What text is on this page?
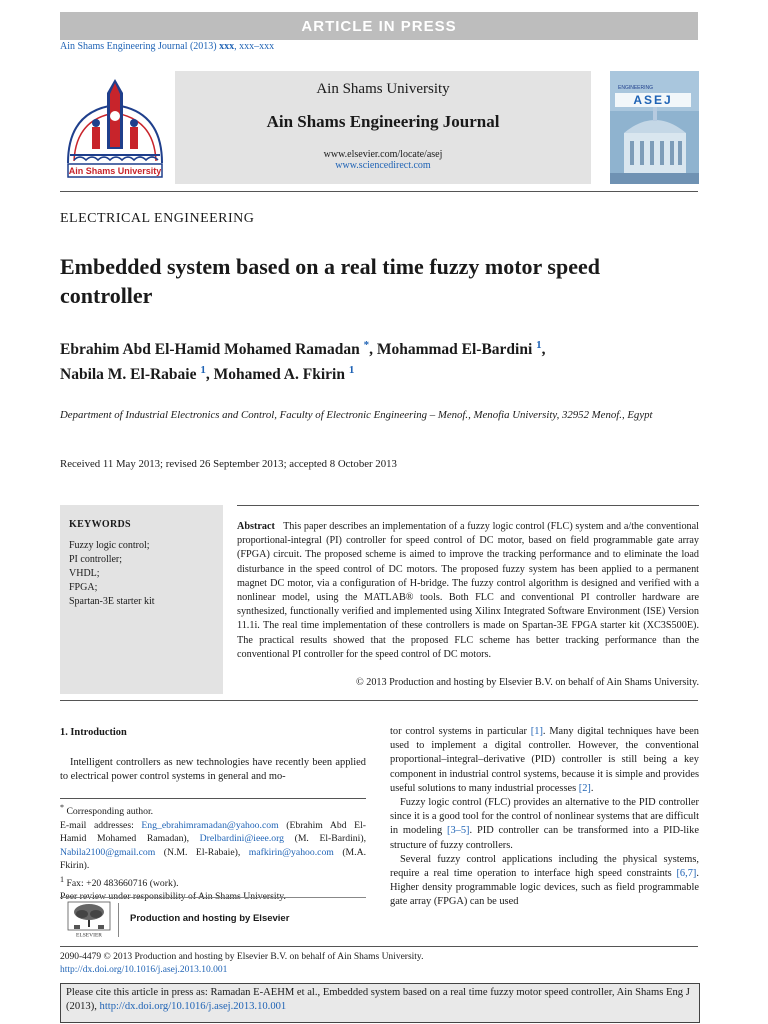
ARTICLE IN PRESS
Ain Shams Engineering Journal (2013) xxx, xxx–xxx
Ain Shams University
Ain Shams University
Ain Shams Engineering Journal
www.elsevier.com/locate/asej
www.sciencedirect.com
ENGINEERING
ASEJ
ELECTRICAL ENGINEERING
Embedded system based on a real time fuzzy motor speed controller
Ebrahim Abd El-Hamid Mohamed Ramadan *, Mohammad El-Bardini $^1$,
Nabila M. El-Rabaie $^1$, Mohamed A. Fkirin $^1$
Department of Industrial Electronics and Control, Faculty of Electronic Engineering – Menof., Menofia University, 32952 Menof., Egypt
Received 11 May 2013; revised 26 September 2013; accepted 8 October 2013
KEYWORDS
Fuzzy logic control;
PI controller;
VHDL;
FPGA;
Spartan-3E starter kit
Abstract This paper describes an implementation of a fuzzy logic control (FLC) system and a/the conventional proportional-integral (PI) controller for speed control of DC motor, based on field programmable gate array (FPGA) circuit. The proposed scheme is aimed to improve the tracking performance and to eliminate the load disturbance in the speed control of DC motors. The proposed fuzzy system has been applied to a permanent magnet DC motor, via a configuration of H-bridge. The fuzzy control algorithm is designed and verified with a nonlinear model, using the MATLAB® tools. Both FLC and conventional PI controller hardware are synthesized, functionally verified and implemented using Xilinx Integrated Software Environment (ISE) Version 11.1i. The real time implementation of these controllers is made on Spartan-3E FPGA starter kit (XC3S500E). The practical results showed that the proposed FLC scheme has better tracking performance than the conventional PI controller for the speed control of DC motors.
© 2013 Production and hosting by Elsevier B.V. on behalf of Ain Shams University.
1. Introduction
Intelligent controllers as new technologies have recently been applied to electrical power control systems in general and mo-
* Corresponding author.
E-mail addresses: Eng_ebrahimramadan@yahoo.com (Ebrahim Abd El-Hamid Mohamed Ramadan), Drelbardini@ieee.org (M. El-Bardini), Nabila2100@gmail.com (N.M. El-Rabaie), mafkirin@yahoo.com (M.A. Fkirin).
$^1$ Fax: +20 483660716 (work).
Peer review under responsibility of Ain Shams University.
ELSEVIER
Production and hosting by Elsevier

tor control systems in particular [1]. Many digital techniques have been used to implement a digital controller. However, the conventional proportional–integral–derivative (PID) controller is still being a key component in industrial control systems, because it is simple and provides useful solutions to many industrial processes [2].

Fuzzy logic control (FLC) provides an alternative to the PID controller since it is a good tool for the control of nonlinear systems that are difficult in modeling [3–5]. PID controller can be transformed into a PID-like structure of fuzzy controllers.

Several fuzzy control applications including the physical systems, require a real time operation to interface high speed constraints [6,7]. Higher density programmable logic devices, such as field programmable gate array (FPGA) can be used

2090-4479 © 2013 Production and hosting by Elsevier B.V. on behalf of Ain Shams University.
http://dx.doi.org/10.1016/j.asej.2013.10.001
Please cite this article in press as: Ramadan E-AEHM et al., Embedded system based on a real time fuzzy motor speed controller, Ain Shams Eng J (2013), http://dx.doi.org/10.1016/j.asej.2013.10.001
